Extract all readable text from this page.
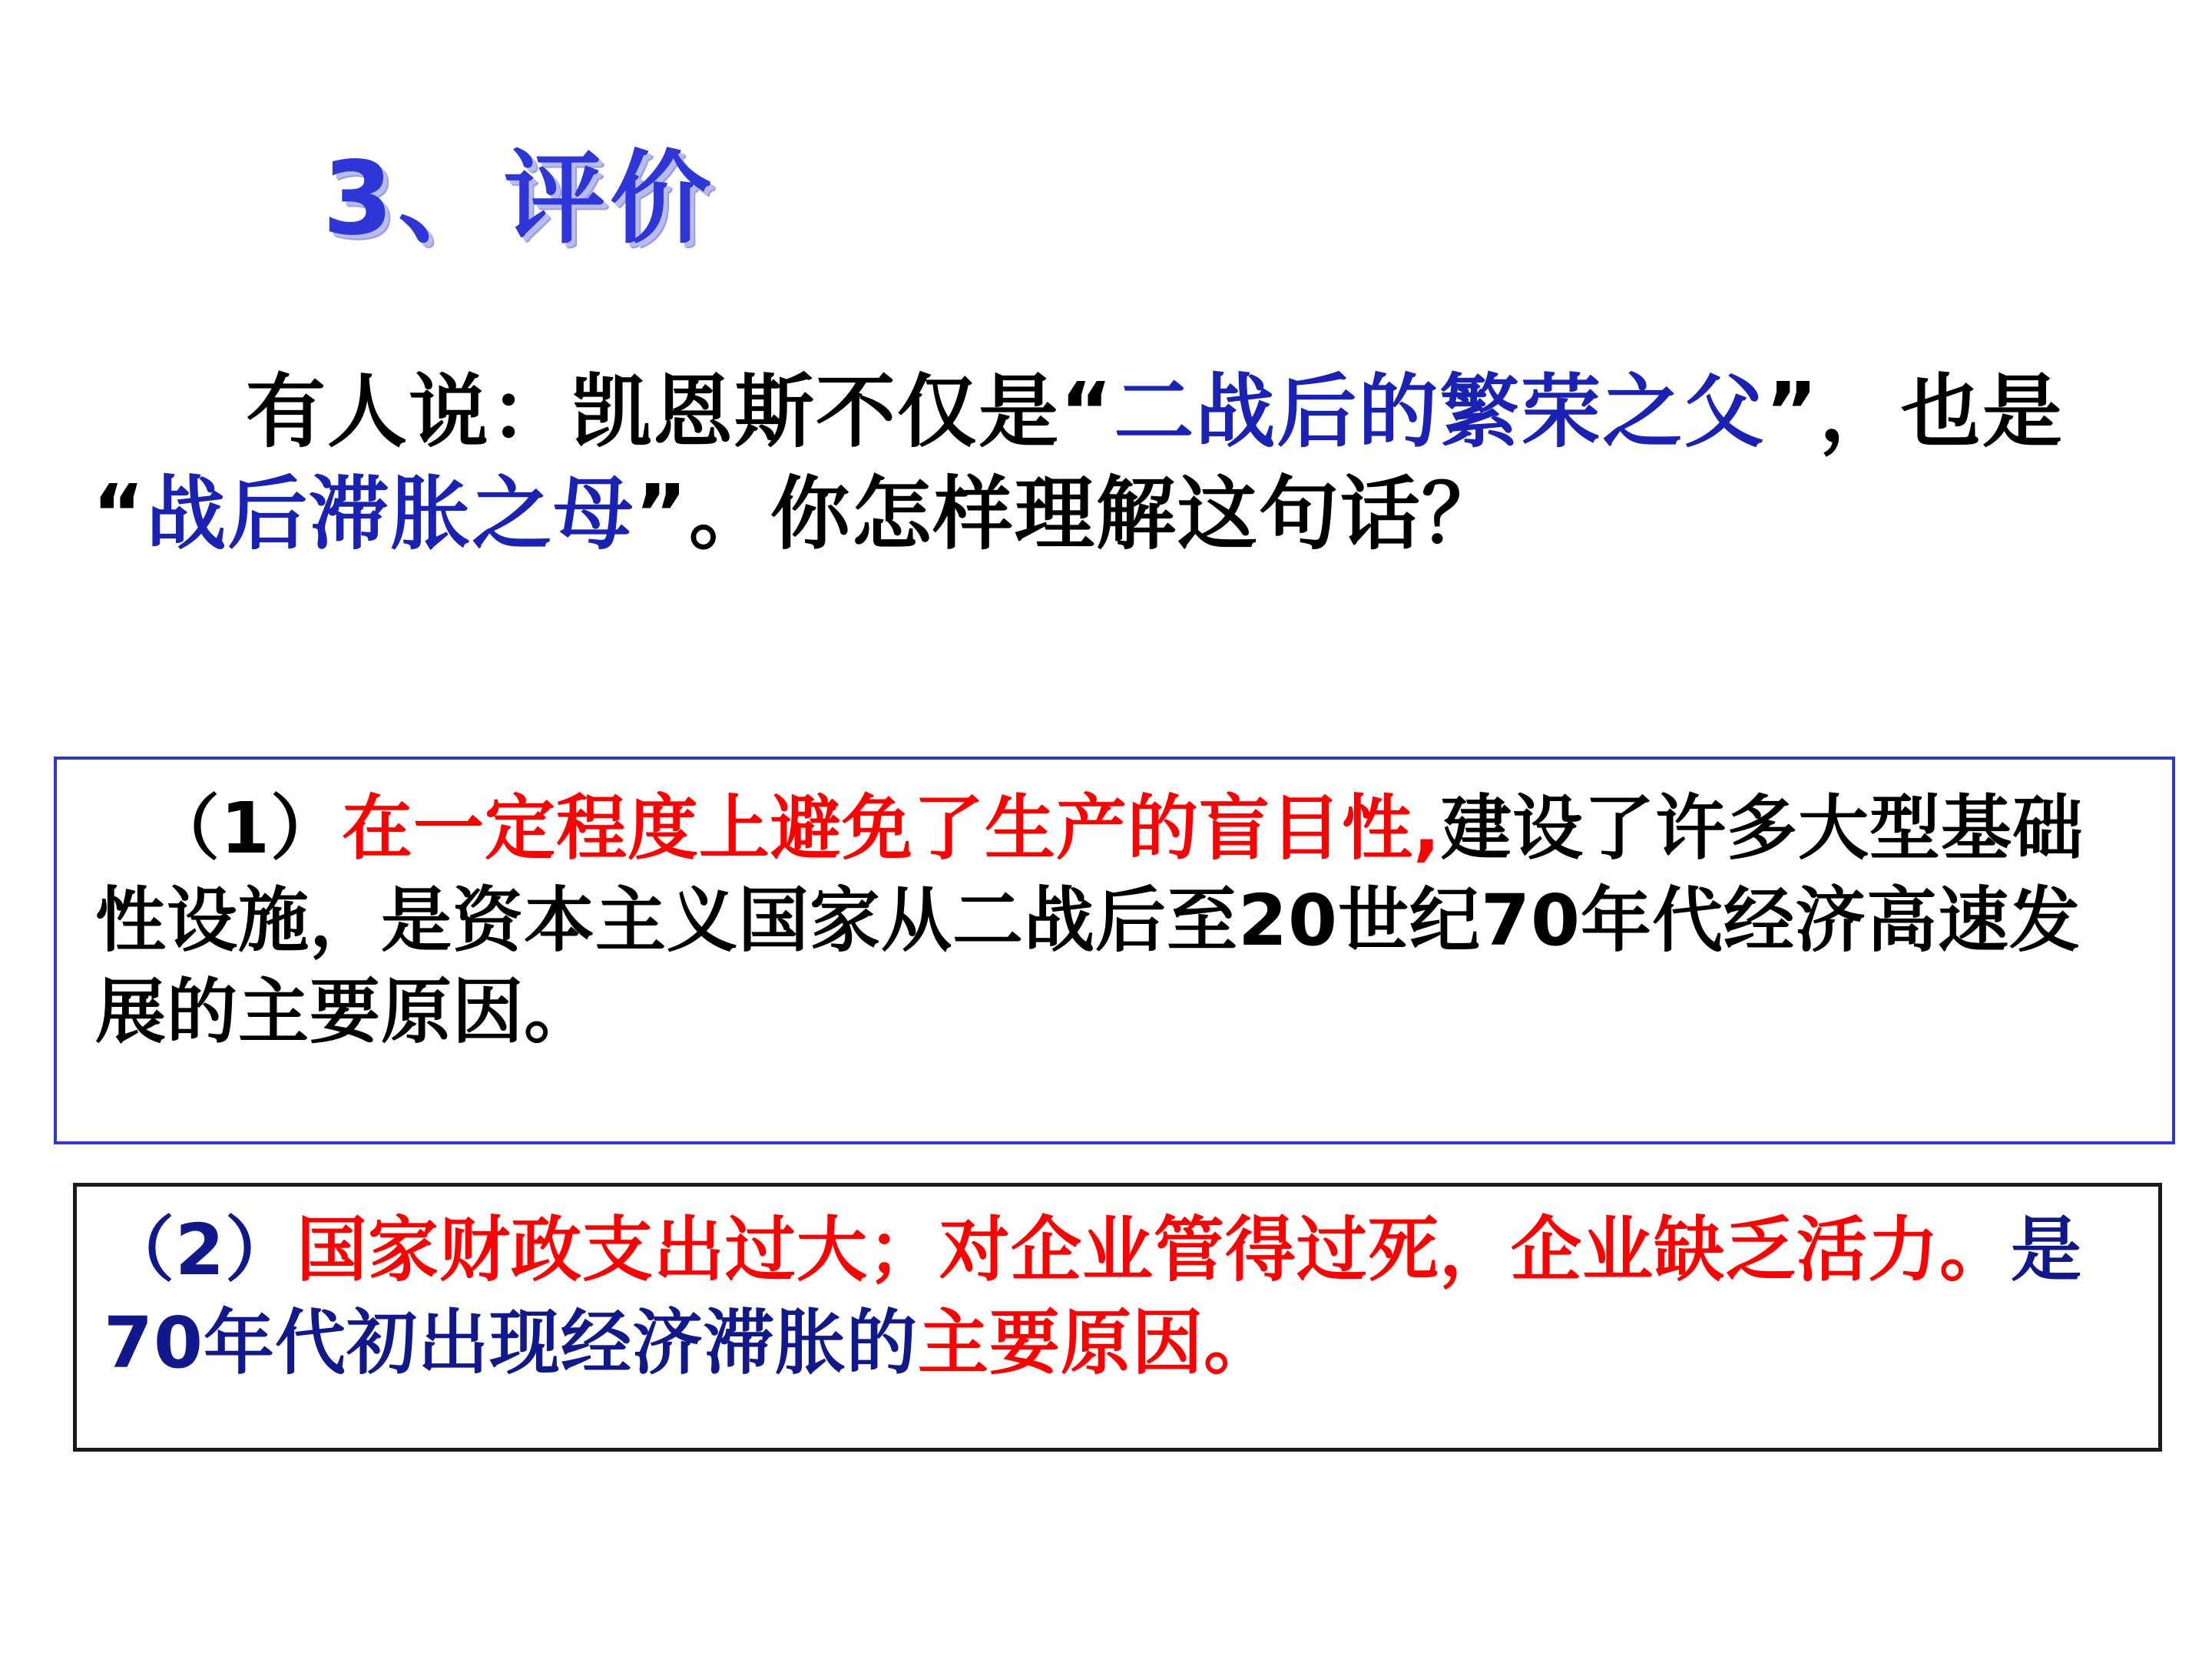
3、评价
有人说：凯恩斯不仅是“二战后的繁荣之父”，也是“战后滞胀之母”。你怎样理解这句话？
（1）在一定程度上避免了生产的盲目性,建设了许多大型基础性设施，是资本主义国家从二战后至20世纪70年代经济高速发展的主要原因。
（2）国家财政支出过大；对企业管得过死，企业缺乏活力。是70年代初出现经济滞胀的主要原因。
